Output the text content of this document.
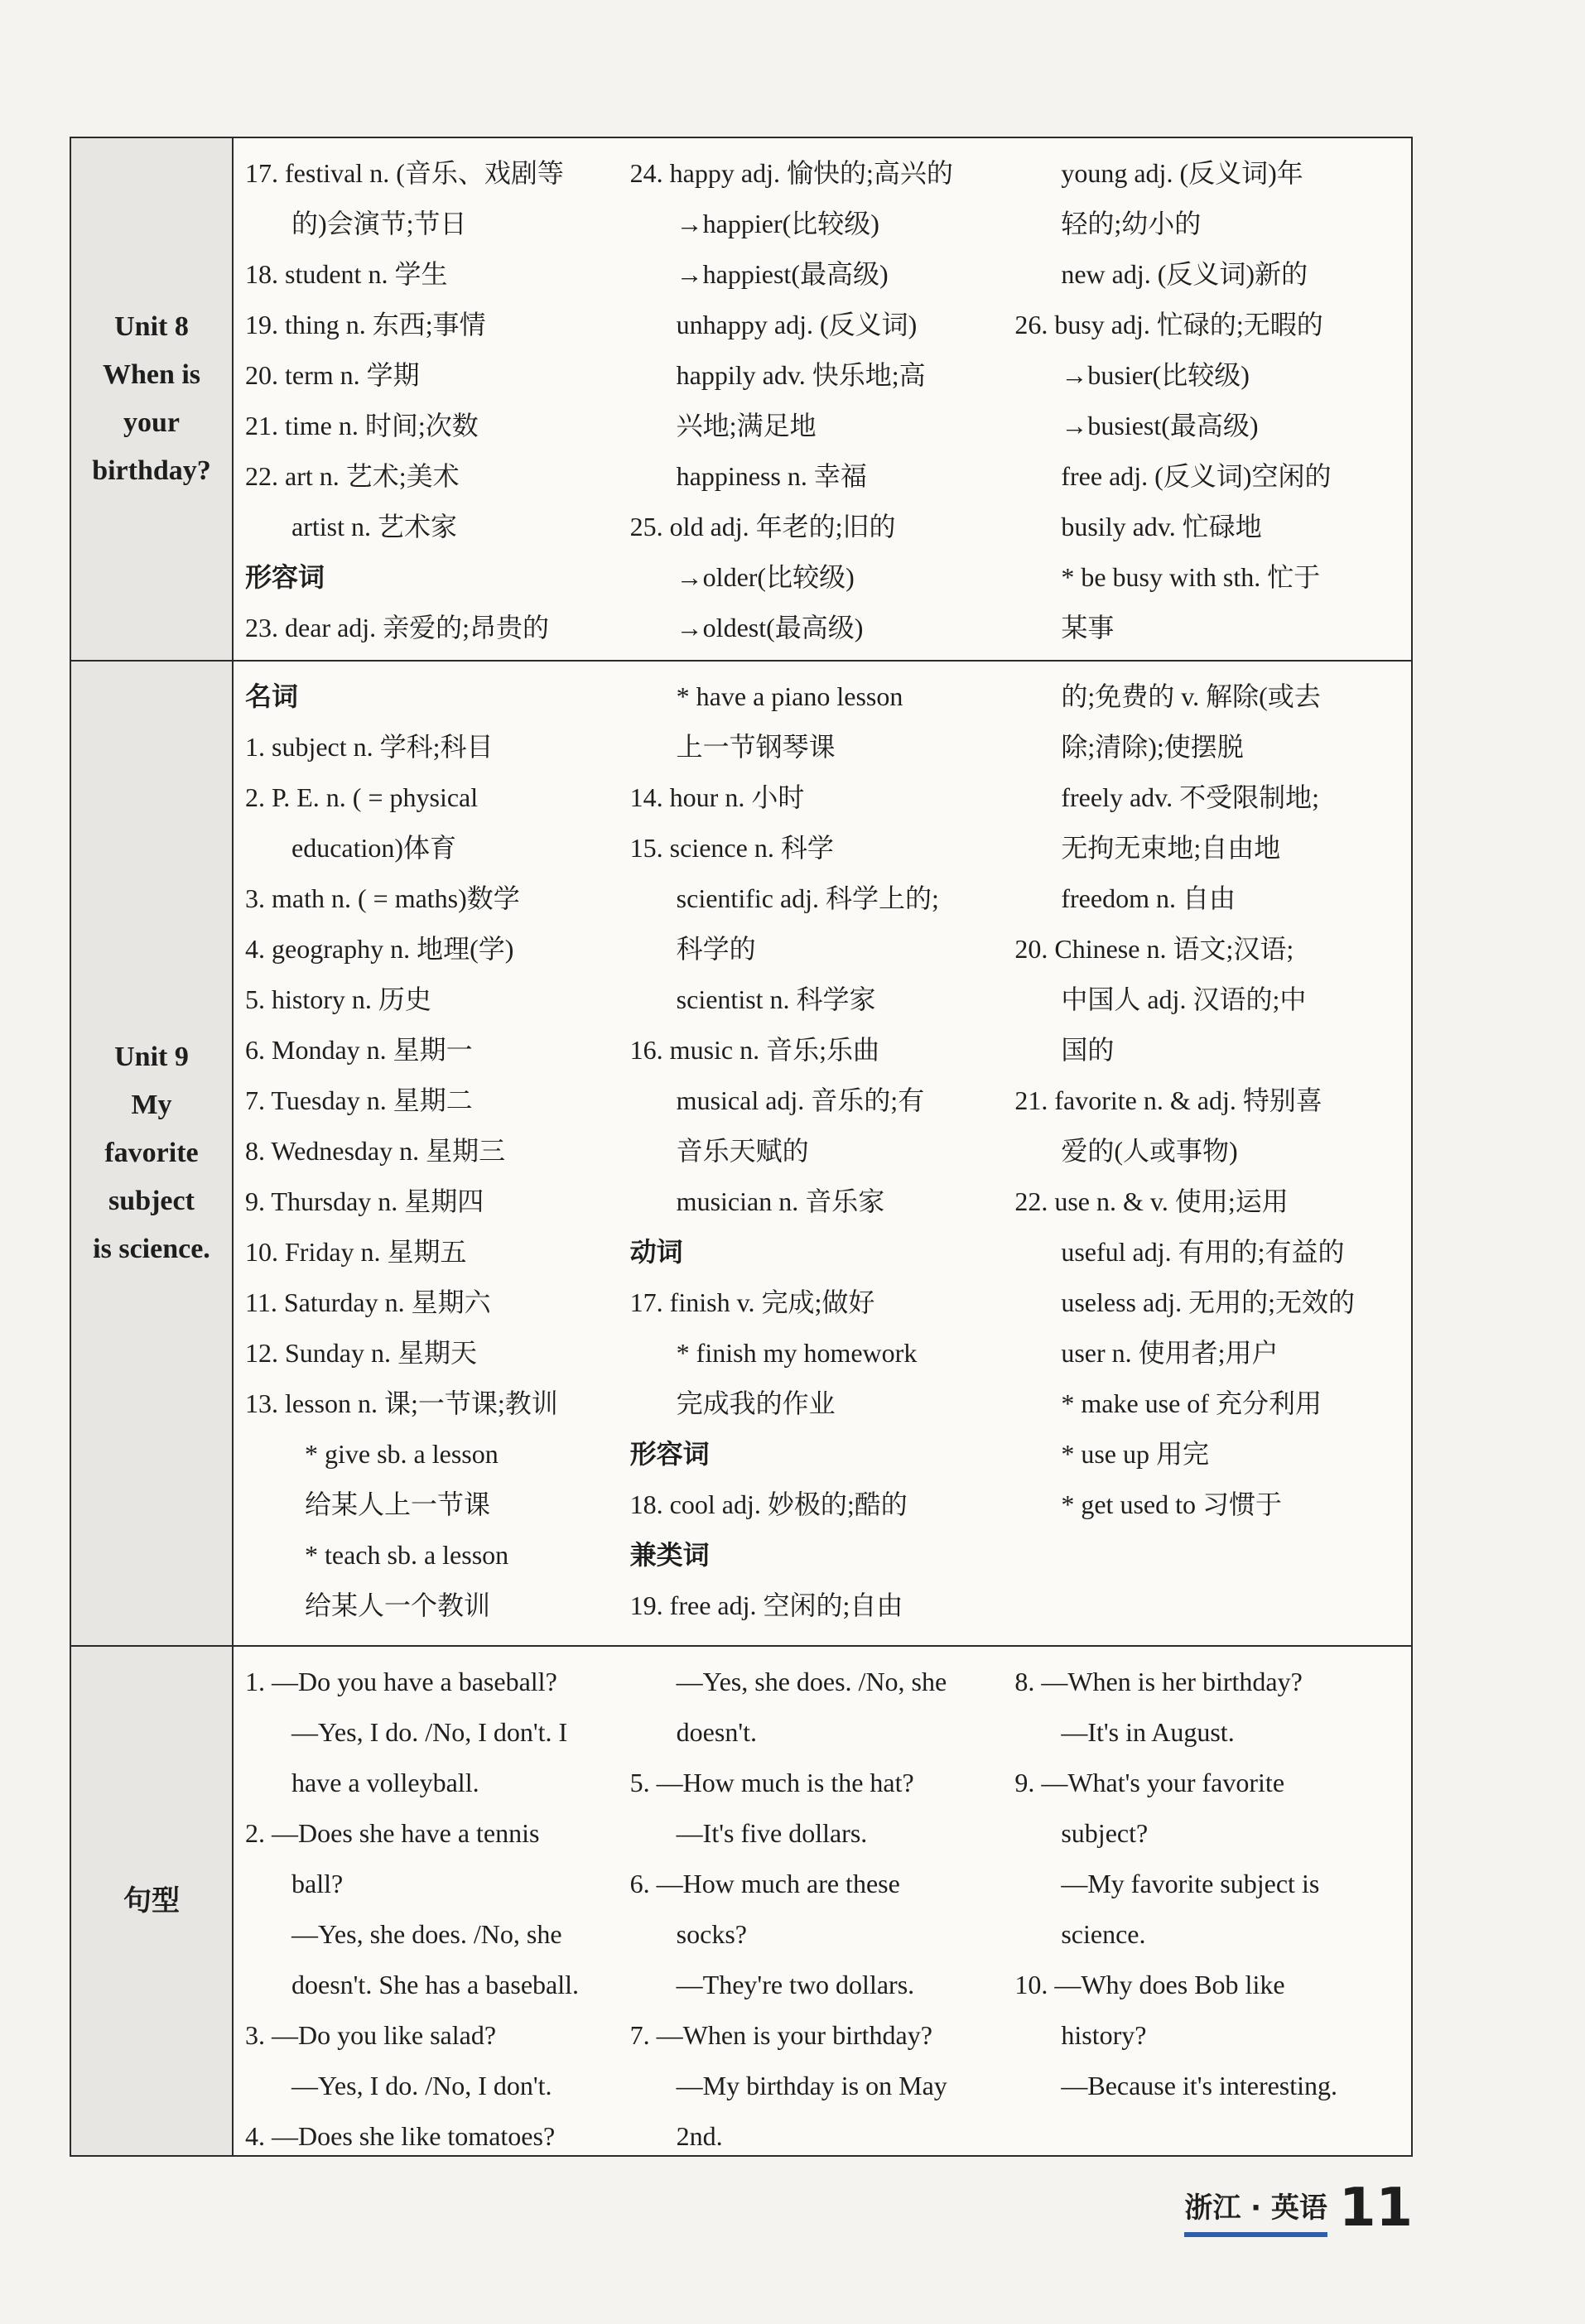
Unit 8
When is
your
birthday?
17. festival n. (音乐、戏剧等
的)会演节;节日
18. student n. 学生
19. thing n. 东西;事情
20. term n. 学期
21. time n. 时间;次数
22. art n. 艺术;美术
artist n. 艺术家
形容词
23. dear adj. 亲爱的;昂贵的
24. happy adj. 愉快的;高兴的
→happier(比较级)
→happiest(最高级)
unhappy adj. (反义词)
happily adv. 快乐地;高
兴地;满足地
happiness n. 幸福
25. old adj. 年老的;旧的
→older(比较级)
→oldest(最高级)
young adj. (反义词)年
轻的;幼小的
new adj. (反义词)新的
26. busy adj. 忙碌的;无暇的
→busier(比较级)
→busiest(最高级)
free adj. (反义词)空闲的
busily adv. 忙碌地
* be busy with sth. 忙于
某事
Unit 9
My
favorite
subject
is science.
名词
1. subject n. 学科;科目
2. P. E. n. ( = physical
education)体育
3. math n. ( = maths)数学
4. geography n. 地理(学)
5. history n. 历史
6. Monday n. 星期一
7. Tuesday n. 星期二
8. Wednesday n. 星期三
9. Thursday n. 星期四
10. Friday n. 星期五
11. Saturday n. 星期六
12. Sunday n. 星期天
13. lesson n. 课;一节课;教训
* give sb. a lesson
给某人上一节课
* teach sb. a lesson
给某人一个教训
* have a piano lesson
上一节钢琴课
14. hour n. 小时
15. science n. 科学
scientific adj. 科学上的;
科学的
scientist n. 科学家
16. music n. 音乐;乐曲
musical adj. 音乐的;有
音乐天赋的
musician n. 音乐家
动词
17. finish v. 完成;做好
* finish my homework
完成我的作业
形容词
18. cool adj. 妙极的;酷的
兼类词
19. free adj. 空闲的;自由
的;免费的 v. 解除(或去
除;清除);使摆脱
freely adv. 不受限制地;
无拘无束地;自由地
freedom n. 自由
20. Chinese n. 语文;汉语;
中国人 adj. 汉语的;中
国的
21. favorite n. & adj. 特别喜
爱的(人或事物)
22. use n. & v. 使用;运用
useful adj. 有用的;有益的
useless adj. 无用的;无效的
user n. 使用者;用户
* make use of 充分利用
* use up 用完
* get used to 习惯于
句型
1. —Do you have a baseball?
—Yes, I do. /No, I don't. I
have a volleyball.
2. —Does she have a tennis
ball?
—Yes, she does. /No, she
doesn't. She has a baseball.
3. —Do you like salad?
—Yes, I do. /No, I don't.
4. —Does she like tomatoes?
—Yes, she does. /No, she
doesn't.
5. —How much is the hat?
—It's five dollars.
6. —How much are these
socks?
—They're two dollars.
7. —When is your birthday?
—My birthday is on May
2nd.
8. —When is her birthday?
—It's in August.
9. —What's your favorite
subject?
—My favorite subject is
science.
10. —Why does Bob like
history?
—Because it's interesting.
浙江 · 英语 11
